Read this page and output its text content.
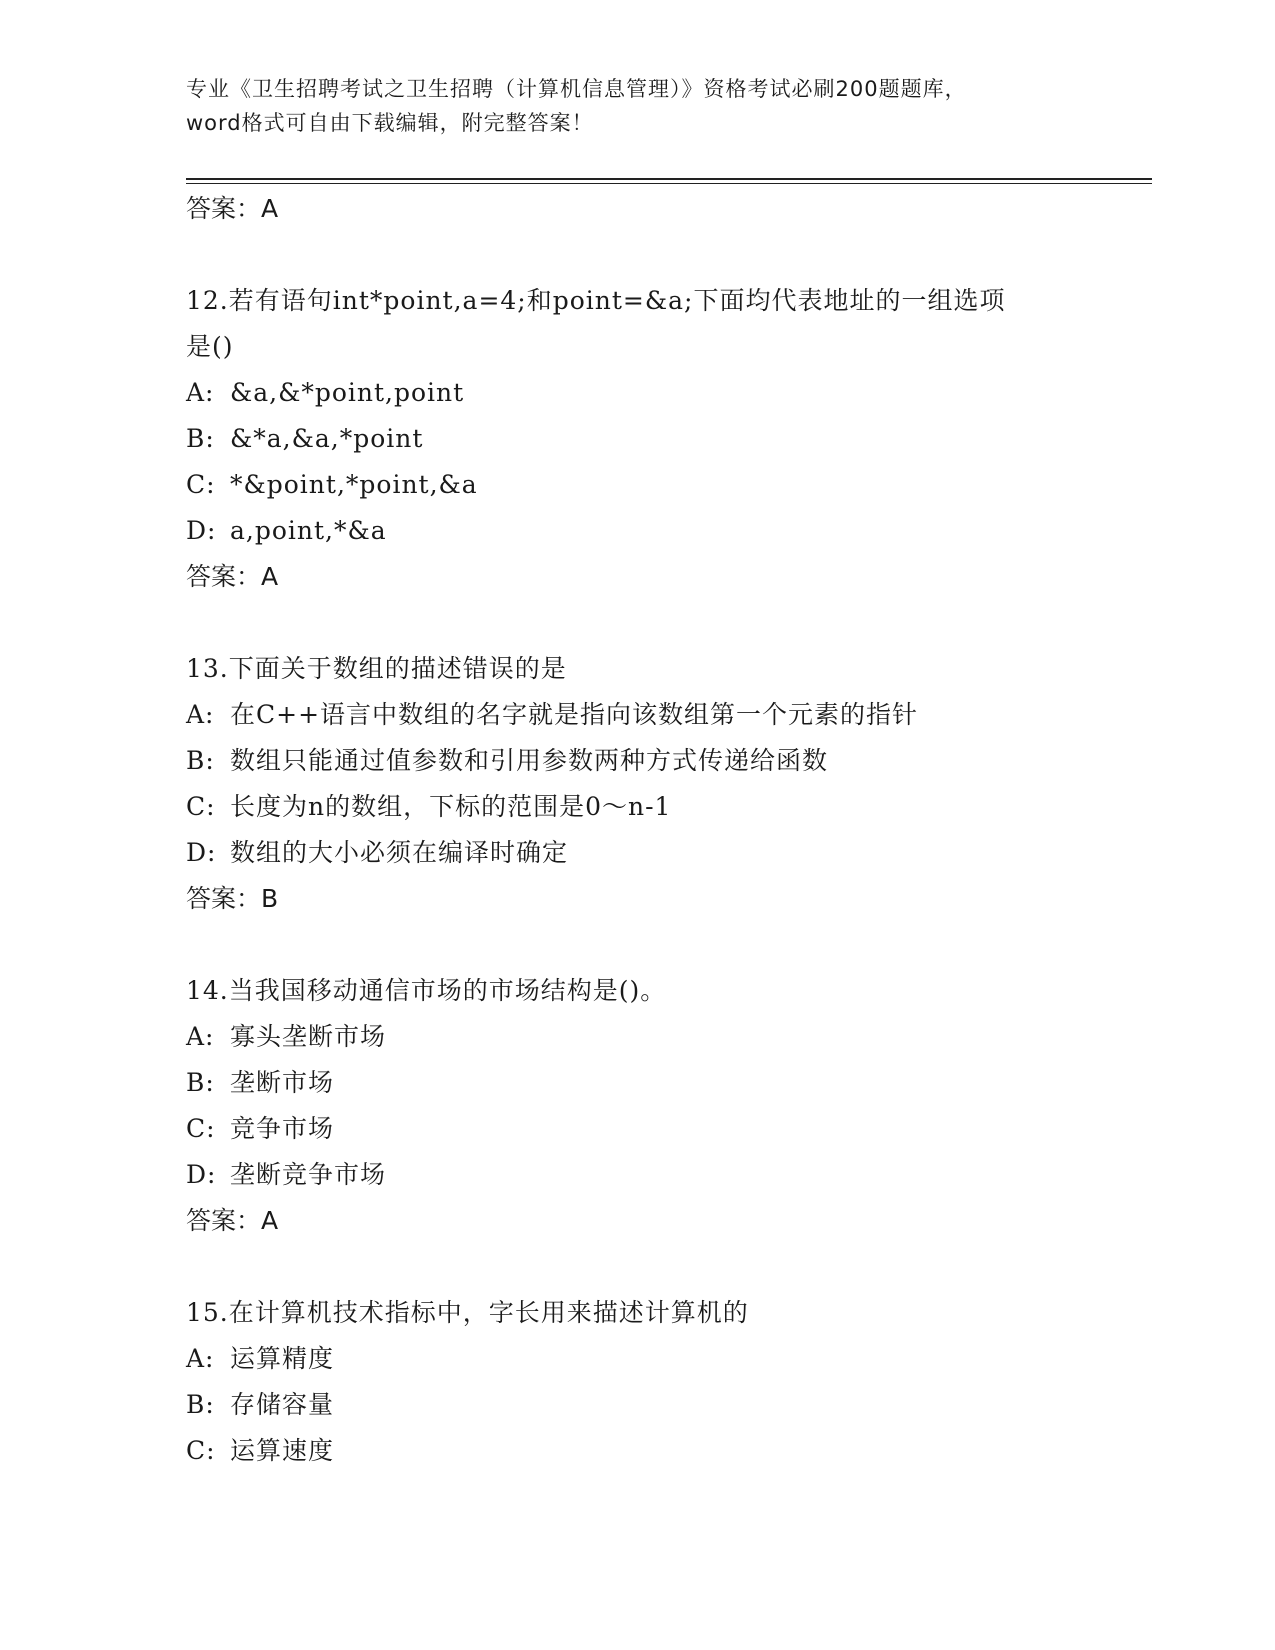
专业《卫生招聘考试之卫生招聘（计算机信息管理）》资格考试必刷200题题库，
word格式可自由下载编辑，附完整答案！
答案：A
12.若有语句int*point,a=4;和point=&a;下面均代表地址的一组选项
是()
A: &a,&*point,point
B: &*a,&a,*point
C: *&point,*point,&a
D: a,point,*&a
答案：A
13.下面关于数组的描述错误的是
A: 在C++语言中数组的名字就是指向该数组第一个元素的指针
B: 数组只能通过值参数和引用参数两种方式传递给函数
C: 长度为n的数组，下标的范围是0～n-1
D: 数组的大小必须在编译时确定
答案：B
14.当我国移动通信市场的市场结构是()。
A: 寡头垄断市场
B: 垄断市场
C: 竞争市场
D: 垄断竞争市场
答案：A
15.在计算机技术指标中，字长用来描述计算机的
A: 运算精度
B: 存储容量
C: 运算速度
